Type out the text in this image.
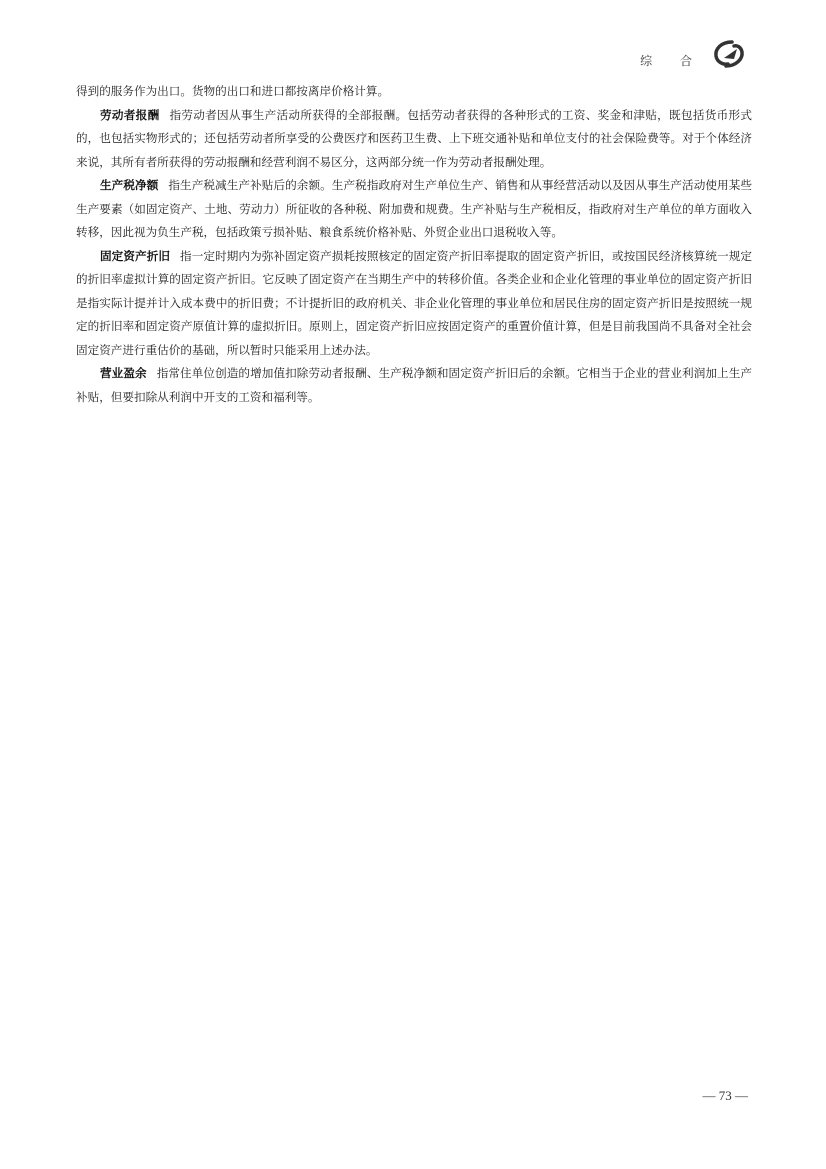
综 合

得到的服务作为出口。货物的出口和进口都按离岸价格计算。

劳动者报酬 指劳动者因从事生产活动所获得的全部报酬。包括劳动者获得的各种形式的工资、奖金和津贴，既包括货币形式的，也包括实物形式的；还包括劳动者所享受的公费医疗和医药卫生费、上下班交通补贴和单位支付的社会保险费等。对于个体经济来说，其所有者所获得的劳动报酬和经营利润不易区分，这两部分统一作为劳动者报酬处理。

生产税净额 指生产税减生产补贴后的余额。生产税指政府对生产单位生产、销售和从事经营活动以及因从事生产活动使用某些生产要素（如固定资产、土地、劳动力）所征收的各种税、附加费和规费。生产补贴与生产税相反，指政府对生产单位的单方面收入转移，因此视为负生产税，包括政策亏损补贴、粮食系统价格补贴、外贸企业出口退税收入等。

固定资产折旧 指一定时期内为弥补固定资产损耗按照核定的固定资产折旧率提取的固定资产折旧，或按国民经济核算统一规定的折旧率虚拟计算的固定资产折旧。它反映了固定资产在当期生产中的转移价值。各类企业和企业化管理的事业单位的固定资产折旧是指实际计提并计入成本费中的折旧费；不计提折旧的政府机关、非企业化管理的事业单位和居民住房的固定资产折旧是按照统一规定的折旧率和固定资产原值计算的虚拟折旧。原则上，固定资产折旧应按固定资产的重置价值计算，但是目前我国尚不具备对全社会固定资产进行重估价的基础，所以暂时只能采用上述办法。

营业盈余 指常住单位创造的增加值扣除劳动者报酬、生产税净额和固定资产折旧后的余额。它相当于企业的营业利润加上生产补贴，但要扣除从利润中开支的工资和福利等。

— 73 —
